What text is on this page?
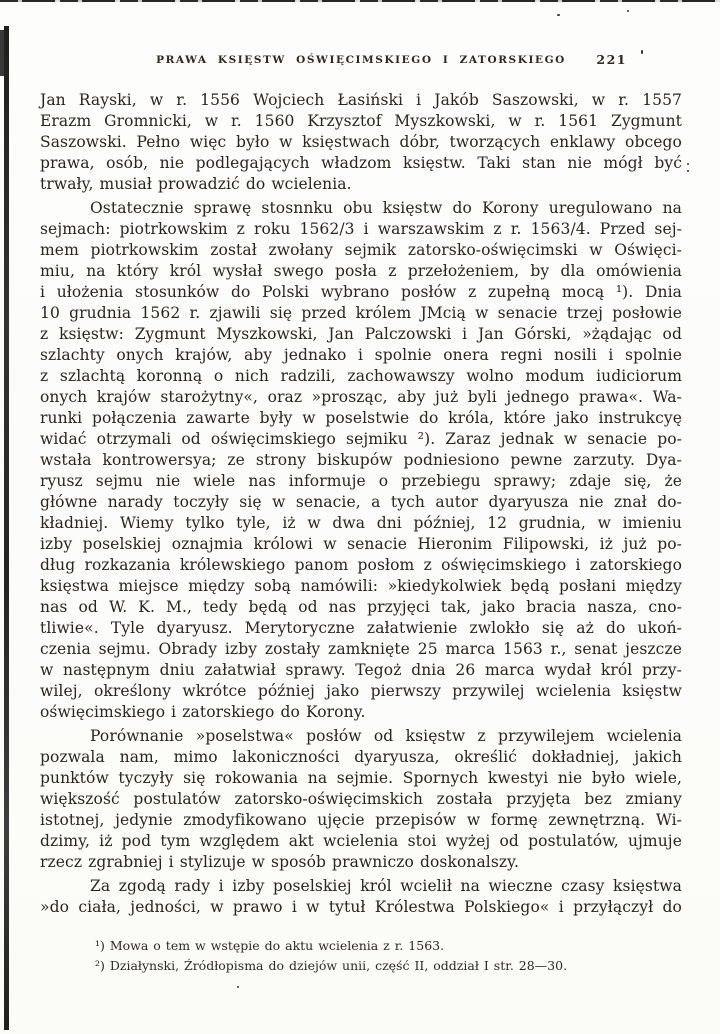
PRAWA KSIĘSTW OŚWIĘCIMSKIEGO I ZATORSKIEGO 221
Jan Rayski, w r. 1556 Wojciech Łasiński i Jakób Saszowski, w r. 1557
Erazm Gromnicki, w r. 1560 Krzysztof Myszkowski, w r. 1561 Zygmunt
Saszowski. Pełno więc było w księstwach dóbr, tworzących enklawy obcego
prawa, osób, nie podlegających władzom księstw. Taki stan nie mógł być
trwały, musiał prowadzić do wcielenia.
Ostatecznie sprawę stosnnku obu księstw do Korony uregulowano na
sejmach: piotrkowskim z roku 1562/3 i warszawskim z r. 1563/4. Przed sej-
mem piotrkowskim został zwołany sejmik zatorsko-oświęcimski w Oświęci-
miu, na który król wysłał swego posła z przełożeniem, by dla omówienia
i ułożenia stosunków do Polski wybrano posłów z zupełną mocą ¹). Dnia
10 grudnia 1562 r. zjawili się przed królem JMcią w senacie trzej posłowie
z księstw: Zygmunt Myszkowski, Jan Palczowski i Jan Górski, »żądając od
szlachty onych krajów, aby jednako i spolnie onera regni nosili i spolnie
z szlachtą koronną o nich radzili, zachowawszy wolno modum iudiciorum
onych krajów starożytny«, oraz »prosząc, aby już byli jednego prawa«. Wa-
runki połączenia zawarte były w poselstwie do króla, które jako instrukcyę
widać otrzymali od oświęcimskiego sejmiku ²). Zaraz jednak w senacie po-
wstała kontrowersya; ze strony biskupów podniesiono pewne zarzuty. Dya-
ryusz sejmu nie wiele nas informuje o przebiegu sprawy; zdaje się, że
główne narady toczyły się w senacie, a tych autor dyaryusza nie znał do-
kładniej. Wiemy tylko tyle, iż w dwa dni później, 12 grudnia, w imieniu
izby poselskiej oznajmia królowi w senacie Hieronim Filipowski, iż już po-
dług rozkazania królewskiego panom posłom z oświęcimskiego i zatorskiego
księstwa miejsce między sobą namówili: »kiedykolwiek będą posłani między
nas od W. K. M., tedy będą od nas przyjęci tak, jako bracia nasza, cno-
tliwie«. Tyle dyaryusz. Merytoryczne załatwienie zwlokło się aż do ukoń-
czenia sejmu. Obrady izby zostały zamknięte 25 marca 1563 r., senat jeszcze
w następnym dniu załatwiał sprawy. Tegoż dnia 26 marca wydał król przy-
wilej, określony wkrótce później jako pierwszy przywilej wcielenia księstw
oświęcimskiego i zatorskiego do Korony.
Porównanie »poselstwa« posłów od księstw z przywilejem wcielenia
pozwala nam, mimo lakoniczności dyaryusza, określić dokładniej, jakich
punktów tyczyły się rokowania na sejmie. Spornych kwestyi nie było wiele,
większość postulatów zatorsko-oświęcimskich została przyjęta bez zmiany
istotnej, jedynie zmodyfikowano ujęcie przepisów w formę zewnętrzną. Wi-
dzimy, iż pod tym względem akt wcielenia stoi wyżej od postulatów, ujmuje
rzecz zgrabniej i stylizuje w sposób prawniczo doskonalszy.
Za zgodą rady i izby poselskiej król wcielił na wieczne czasy księstwa
»do ciała, jedności, w prawo i w tytuł Królestwa Polskiego« i przyłączył do
¹) Mowa o tem w wstępie do aktu wcielenia z r. 1563.
²) Działynski, Źródłopisma do dziejów unii, część II, oddział I str. 28—30.
